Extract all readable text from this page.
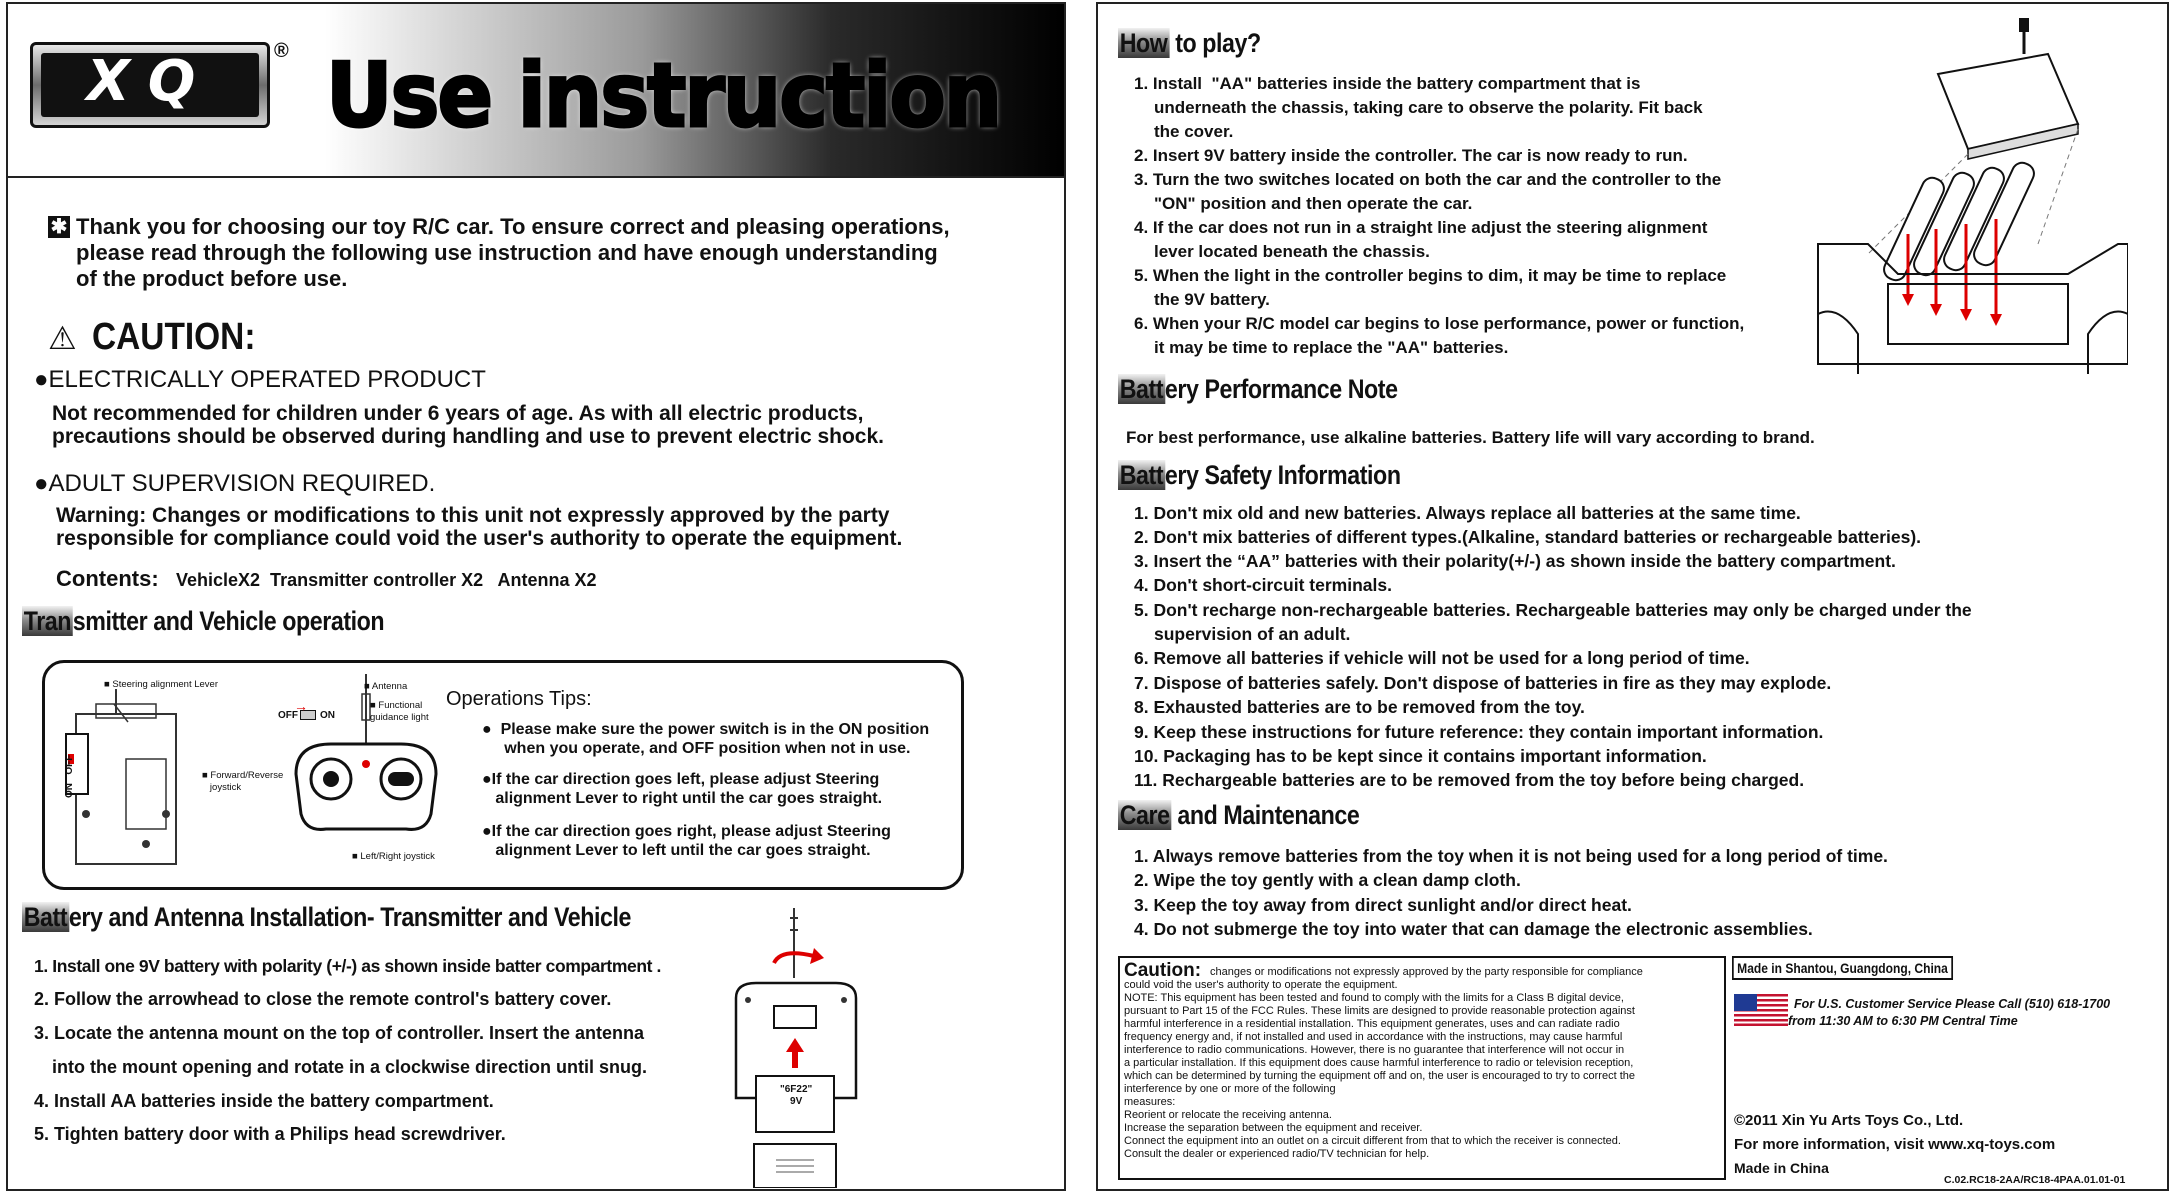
XQ	® Use instruction
✱ Thank you for choosing our toy R/C car. To ensure correct and pleasing operations,
please read through the following use instruction and have enough understanding
of the product before use.
⚠ CAUTION:
●ELECTRICALLY OPERATED PRODUCT
Not recommended for children under 6 years of age. As with all electric products,
precautions should be observed during handling and use to prevent electric shock.
●ADULT SUPERVISION REQUIRED.
Warning: Changes or modifications to this unit not expressly approved by the party
responsible for compliance could void the user's authority to operate the equipment.
Contents: VehicleX2  Transmitter controller X2   Antenna X2
Transmitter and Vehicle operation
■ Steering alignment Lever
ON   OFF
OFF ON
→
■ Antenna
■ Functional
guidance light
■ Forward/Reverse
joystick
■ Left/Right joystick
Operations Tips:
●  Please make sure the power switch is in the ON position
when you operate, and OFF position when not in use.
●If the car direction goes left, please adjust Steering
alignment Lever to right until the car goes straight.
●If the car direction goes right, please adjust Steering
alignment Lever to left until the car goes straight.
Battery and Antenna Installation- Transmitter and Vehicle
1. Install one 9V battery with polarity (+/-) as shown inside batter compartment .
2. Follow the arrowhead to close the remote control's battery cover.
3. Locate the antenna mount on the top of controller. Insert the antenna
into the mount opening and rotate in a clockwise direction until snug.
4. Install AA batteries inside the battery compartment.
5. Tighten battery door with a Philips head screwdriver.
"6F22"
9V
How to play?
1. Install  "AA" batteries inside the battery compartment that is
underneath the chassis, taking care to observe the polarity. Fit back
the cover.
2. Insert 9V battery inside the controller. The car is now ready to run.
3. Turn the two switches located on both the car and the controller to the
"ON" position and then operate the car.
4. If the car does not run in a straight line adjust the steering alignment
lever located beneath the chassis.
5. When the light in the controller begins to dim, it may be time to replace
the 9V battery.
6. When your R/C model car begins to lose performance, power or function,
it may be time to replace the "AA" batteries.
Battery Performance Note
For best performance, use alkaline batteries. Battery life will vary according to brand.
Battery Safety Information
1. Don't mix old and new batteries. Always replace all batteries at the same time.
2. Don't mix batteries of different types.(Alkaline, standard batteries or rechargeable batteries).
3. Insert the “AA” batteries with their polarity(+/-) as shown inside the battery compartment.
4. Don't short-circuit terminals.
5. Don't recharge non-rechargeable batteries. Rechargeable batteries may only be charged under the
supervision of an adult.
6. Remove all batteries if vehicle will not be used for a long period of time.
7. Dispose of batteries safely. Don't dispose of batteries in fire as they may explode.
8. Exhausted batteries are to be removed from the toy.
9. Keep these instructions for future reference: they contain important information.
10. Packaging has to be kept since it contains important information.
11. Rechargeable batteries are to be removed from the toy before being charged.
Care and Maintenance
1. Always remove batteries from the toy when it is not being used for a long period of time.
2. Wipe the toy gently with a clean damp cloth.
3. Keep the toy away from direct sunlight and/or direct heat.
4. Do not submerge the toy into water that can damage the electronic assemblies.
Caution: changes or modifications not expressly approved by the party responsible for compliance
could void the user's authority to operate the equipment.
NOTE: This equipment has been tested and found to comply with the limits for a Class B digital device,
pursuant to Part 15 of the FCC Rules. These limits are designed to provide reasonable protection against
harmful interference in a residential installation. This equipment generates, uses and can radiate radio
frequency energy and, if not installed and used in accordance with the instructions, may cause harmful
interference to radio communications. However, there is no guarantee that interference will not occur in
a particular installation. If this equipment does cause harmful interference to radio or television reception,
which can be determined by turning the equipment off and on, the user is encouraged to try to correct the
interference by one or more of the following
measures:
Reorient or relocate the receiving antenna.
Increase the separation between the equipment and receiver.
Connect the equipment into an outlet on a circuit different from that to which the receiver is connected.
Consult the dealer or experienced radio/TV technician for help.
Made in Shantou, Guangdong, China
For U.S. Customer Service Please Call (510) 618-1700
from 11:30 AM to 6:30 PM Central Time
©2011 Xin Yu Arts Toys Co., Ltd.
For more information, visit www.xq-toys.com
Made in China
C.02.RC18-2AA/RC18-4PAA.01.01-01
